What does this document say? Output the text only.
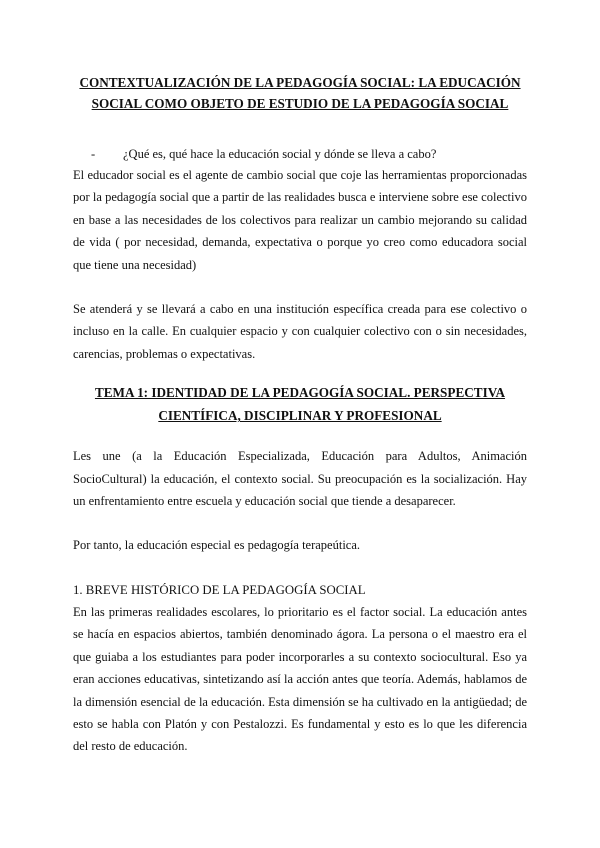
CONTEXTUALIZACIÓN DE LA PEDAGOGÍA SOCIAL: LA EDUCACIÓN
SOCIAL COMO OBJETO DE ESTUDIO DE LA PEDAGOGÍA SOCIAL
-	¿Qué es, qué hace la educación social y dónde se lleva a cabo?

El educador social es el agente de cambio social que coje las herramientas proporcionadas por la pedagogía social que a partir de las realidades busca e interviene sobre ese colectivo en base a las necesidades de los colectivos para realizar un cambio mejorando su calidad de vida ( por necesidad, demanda, expectativa o porque yo creo como educadora social que tiene una necesidad)

Se atenderá y se llevará a cabo en una institución específica creada para ese colectivo o incluso en la calle. En cualquier espacio y con cualquier colectivo con o sin necesidades, carencias, problemas o expectativas.

TEMA 1: IDENTIDAD DE LA PEDAGOGÍA SOCIAL. PERSPECTIVA
CIENTÍFICA, DISCIPLINAR Y PROFESIONAL

Les une (a la Educación Especializada, Educación para Adultos, Animación SocioCultural) la educación, el contexto social. Su preocupación es la socialización. Hay un enfrentamiento entre escuela y educación social que tiende a desaparecer.

Por tanto, la educación especial es pedagogía terapeútica.

1. BREVE HISTÓRICO DE LA PEDAGOGÍA SOCIAL

En las primeras realidades escolares, lo prioritario es el factor social. La educación antes se hacía en espacios abiertos, también denominado ágora. La persona o el maestro era el que guiaba a los estudiantes para poder incorporarles a su contexto sociocultural. Eso ya eran acciones educativas, sintetizando así la acción antes que teoría. Además, hablamos de la dimensión esencial de la educación. Esta dimensión se ha cultivado en la antigüedad; de esto se habla con Platón y con Pestalozzi. Es fundamental y esto es lo que les diferencia del resto de educación.
